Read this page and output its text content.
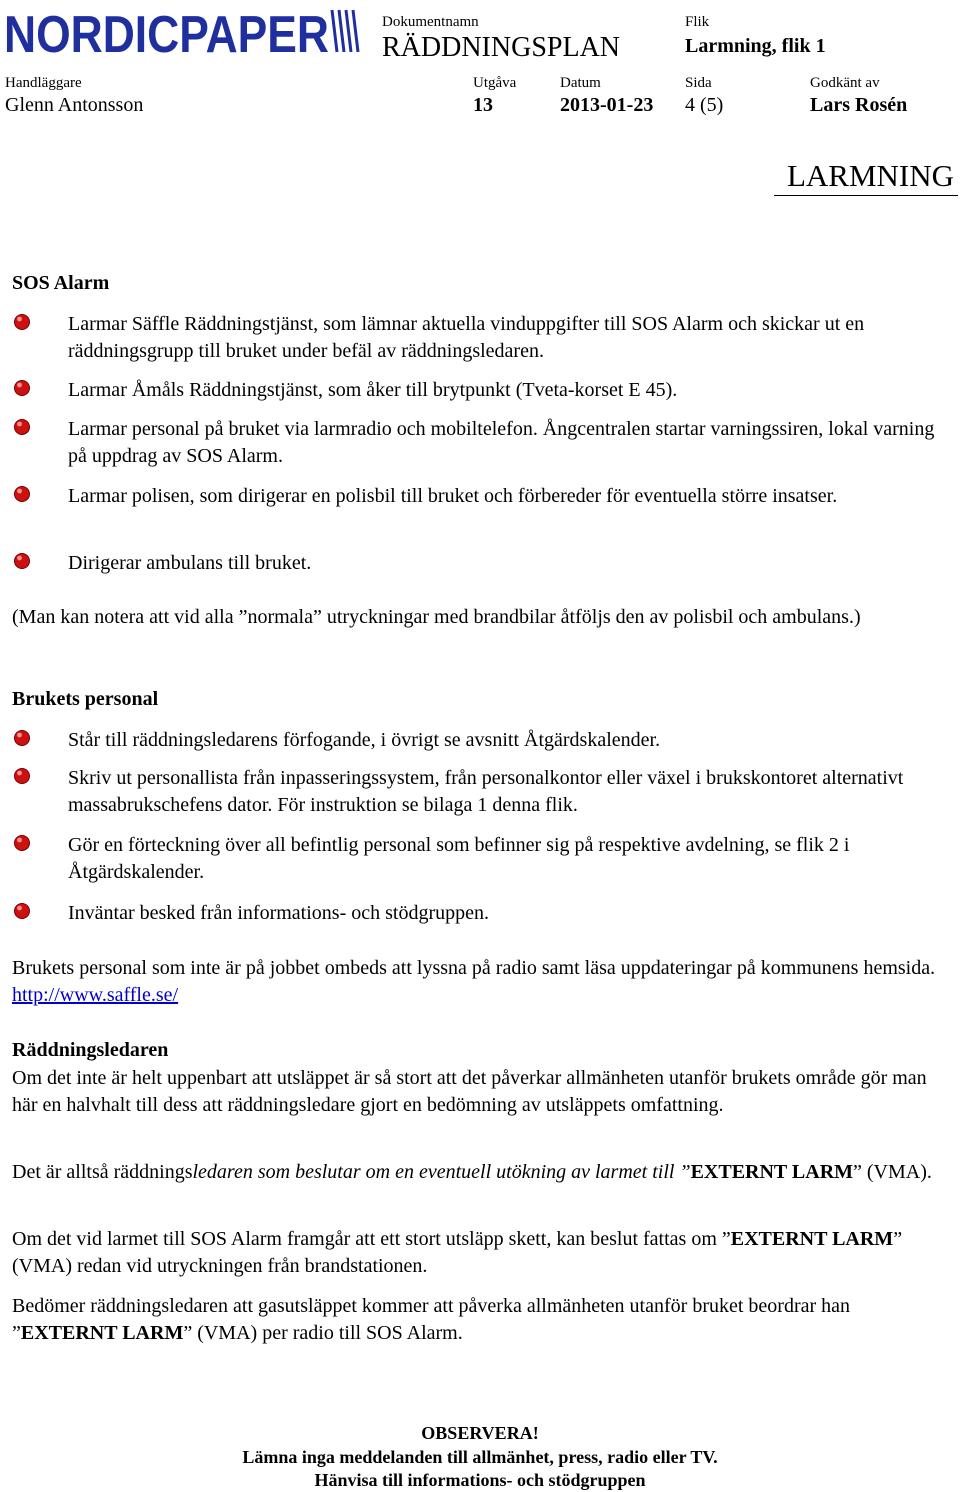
NORDICPAPER	Dokumentnamn
RÄDDNINGSPLAN
Flik
Larmning, flik 1
Handläggare
Glenn Antonsson
Utgåva
13
Datum
2013-01-23
Sida
4 (5)
Godkänt av
Lars Rosén
LARMNING
SOS Alarm
Larmar Säffle Räddningstjänst, som lämnar aktuella vinduppgifter till SOS Alarm och skickar ut en räddningsgrupp till bruket under befäl av räddningsledaren.
Larmar Åmåls Räddningstjänst, som åker till brytpunkt (Tveta-korset E 45).
Larmar personal på bruket via larmradio och mobiltelefon. Ångcentralen startar varningssiren, lokal varning på uppdrag av SOS Alarm.
Larmar polisen, som dirigerar en polisbil till bruket och förbereder för eventuella större insatser.
Dirigerar ambulans till bruket.
(Man kan notera att vid alla ”normala” utryckningar med brandbilar åtföljs den av polisbil och ambulans.)
Brukets personal
Står till räddningsledarens förfogande, i övrigt se avsnitt Åtgärdskalender.
Skriv ut personallista från inpasseringssystem, från personalkontor eller växel i brukskontoret alternativt massabrukschefens dator. För instruktion se bilaga 1 denna flik.
Gör en förteckning över all befintlig personal som befinner sig på respektive avdelning, se flik 2 i Åtgärdskalender.
Inväntar besked från informations- och stödgruppen.
Brukets personal som inte är på jobbet ombeds att lyssna på radio samt läsa uppdateringar på kommunens hemsida. http://www.saffle.se/
Räddningsledaren
Om det inte är helt uppenbart att utsläppet är så stort att det påverkar allmänheten utanför brukets område gör man här en halvhalt till dess att räddningsledare gjort en bedömning av utsläppets omfattning.
Det är alltså räddningsledaren som beslutar om en eventuell utökning av larmet till ”EXTERNT LARM” (VMA).
Om det vid larmet till SOS Alarm framgår att ett stort utsläpp skett, kan beslut fattas om ”EXTERNT LARM” (VMA) redan vid utryckningen från brandstationen.
Bedömer räddningsledaren att gasutsläppet kommer att påverka allmänheten utanför bruket beordrar han ”EXTERNT LARM” (VMA) per radio till SOS Alarm.
OBSERVERA!
Lämna inga meddelanden till allmänhet, press, radio eller TV.
Hänvisa till informations- och stödgruppen
